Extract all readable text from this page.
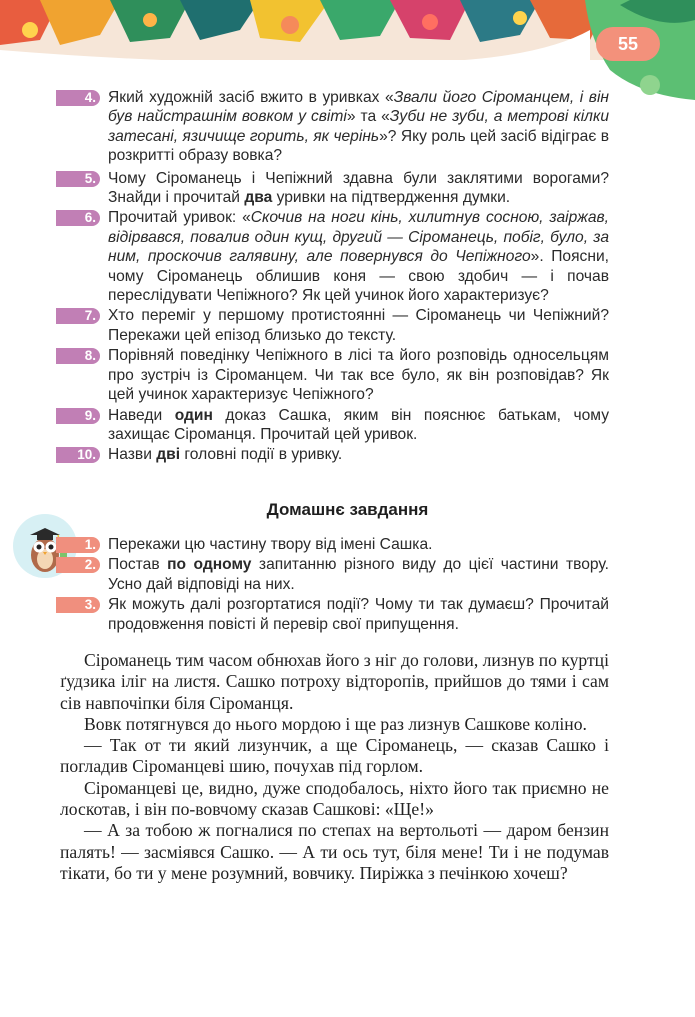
55
4. Який художній засіб вжито в уривках «Звали його Сіроманцем, і він був найстрашнім вовком у світі» та «Зуби не зуби, а метрові кілки затесані, язичище горить, як черінь»? Яку роль цей засіб відіграє в розкритті образу вовка?
5. Чому Сіроманець і Чепіжний здавна були заклятими ворогами? Знайди і прочитай два уривки на підтвердження думки.
6. Прочитай уривок: «Скочив на ноги кінь, хилитнув сосною, заіржав, відірвався, повалив один кущ, другий — Сіроманець, побіг, було, за ним, проскочив галявину, але повернувся до Чепіжного». Поясни, чому Сіроманець облишив коня — свою здобич — і почав переслідувати Чепіжного? Як цей учинок його характеризує?
7. Хто переміг у першому протистоянні — Сіроманець чи Чепіжний? Перекажи цей епізод близько до тексту.
8. Порівняй поведінку Чепіжного в лісі та його розповідь односельцям про зустріч із Сіроманцем. Чи так все було, як він розповідав? Як цей учинок характеризує Чепіжного?
9. Наведи один доказ Сашка, яким він пояснює батькам, чому захищає Сіроманця. Прочитай цей уривок.
10. Назви дві головні події в уривку.
Домашнє завдання
1. Перекажи цю частину твору від імені Сашка.
2. Постав по одному запитанню різного виду до цієї частини твору. Усно дай відповіді на них.
3. Як можуть далі розгортатися події? Чому ти так думаєш? Прочитай продовження повісті й перевір свої припущення.

Сіроманець тим часом обнюхав його з ніг до голови, лизнув по куртці ґудзика іліг на листя. Сашко потроху відторопів, прийшов до тями і сам сів навпочіпки біля Сіроманця.

Вовк потягнувся до нього мордою і ще раз лизнув Сашкове коліно.

— Так от ти який лизунчик, а ще Сіроманець, — сказав Сашко і погладив Сіроманцеві шию, почухав під горлом.

Сіроманцеві це, видно, дуже сподобалось, ніхто його так приємно не лоскотав, і він по-вовчому сказав Сашкові: «Ще!»

— А за тобою ж погналися по степах на вертольоті — даром бензин палять! — засміявся Сашко. — А ти ось тут, біля мене! Ти і не подумав тікати, бо ти у мене розумний, вовчику. Пиріжка з печінкою хочеш?
